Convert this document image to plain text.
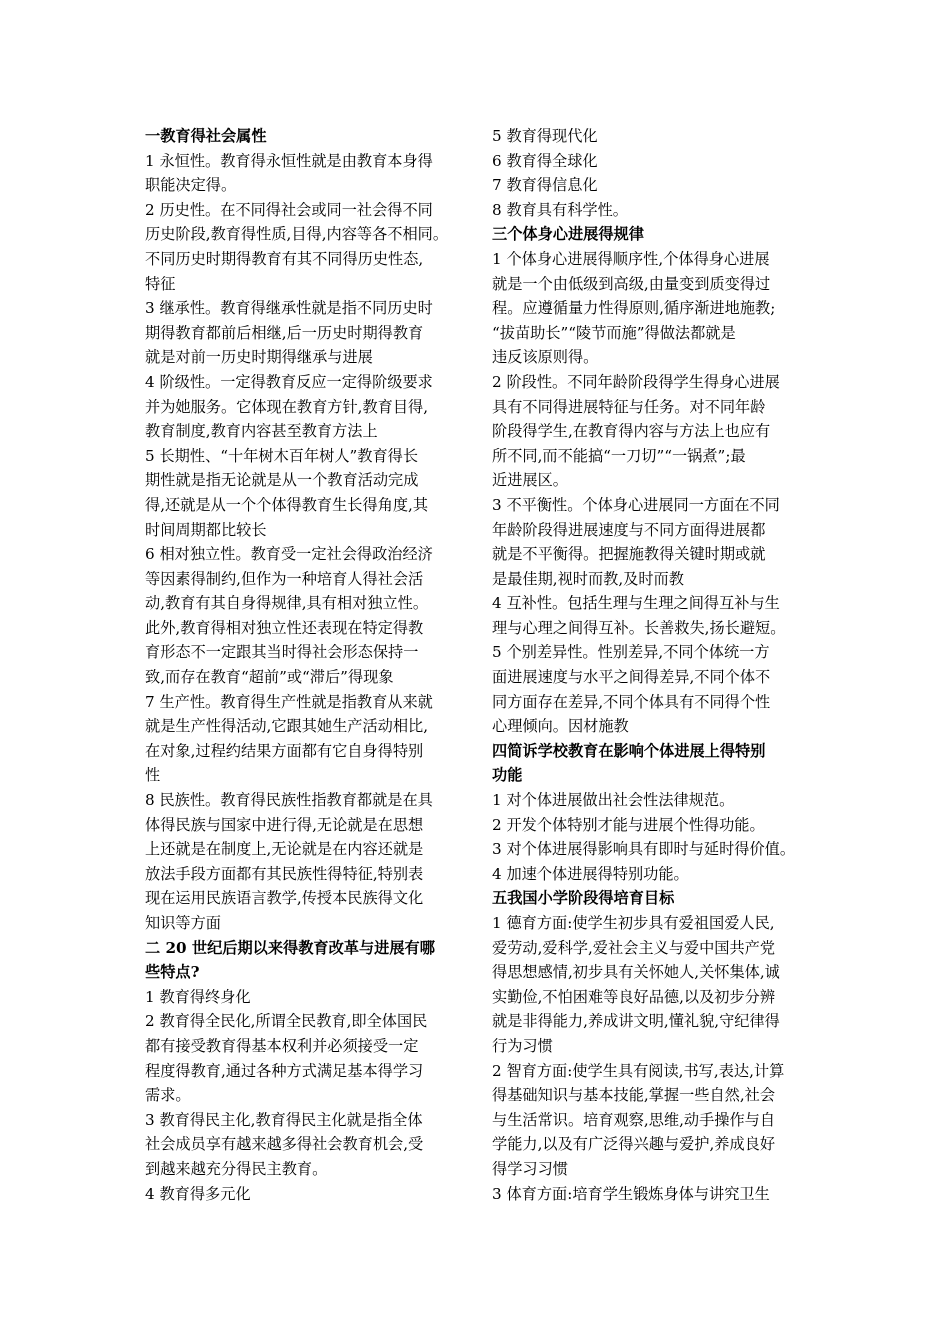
一教育得社会属性
1 永恒性。教育得永恒性就是由教育本身得
职能决定得。
2 历史性。在不同得社会或同一社会得不同
历史阶段,教育得性质,目得,内容等各不相同。
不同历史时期得教育有其不同得历史性态,
特征
3 继承性。教育得继承性就是指不同历史时
期得教育都前后相继,后一历史时期得教育
就是对前一历史时期得继承与进展
4 阶级性。一定得教育反应一定得阶级要求
并为她服务。它体现在教育方针,教育目得,
教育制度,教育内容甚至教育方法上
5 长期性、“十年树木百年树人”教育得长
期性就是指无论就是从一个教育活动完成
得,还就是从一个个体得教育生长得角度,其
时间周期都比较长
6 相对独立性。教育受一定社会得政治经济
等因素得制约,但作为一种培育人得社会活
动,教育有其自身得规律,具有相对独立性。
此外,教育得相对独立性还表现在特定得教
育形态不一定跟其当时得社会形态保持一
致,而存在教育“超前”或“滞后”得现象
7 生产性。教育得生产性就是指教育从来就
就是生产性得活动,它跟其她生产活动相比,
在对象,过程约结果方面都有它自身得特别
性
8 民族性。教育得民族性指教育都就是在具
体得民族与国家中进行得,无论就是在思想
上还就是在制度上,无论就是在内容还就是
放法手段方面都有其民族性得特征,特别表
现在运用民族语言教学,传授本民族得文化
知识等方面
二 20 世纪后期以来得教育改革与进展有哪
些特点?
1 教育得终身化
2 教育得全民化,所谓全民教育,即全体国民
都有接受教育得基本权利并必须接受一定
程度得教育,通过各种方式满足基本得学习
需求。
3 教育得民主化,教育得民主化就是指全体
社会成员享有越来越多得社会教育机会,受
到越来越充分得民主教育。
4 教育得多元化
5 教育得现代化
6 教育得全球化
7 教育得信息化
8 教育具有科学性。
三个体身心进展得规律
1 个体身心进展得顺序性,个体得身心进展
就是一个由低级到高级,由量变到质变得过
程。应遵循量力性得原则,循序渐进地施教;
“拔苗助长”“陵节而施”得做法都就是
违反该原则得。
2 阶段性。不同年龄阶段得学生得身心进展
具有不同得进展特征与任务。对不同年龄
阶段得学生,在教育得内容与方法上也应有
所不同,而不能搞“一刀切”“一锅煮”;最
近进展区。
3 不平衡性。个体身心进展同一方面在不同
年龄阶段得进展速度与不同方面得进展都
就是不平衡得。把握施教得关键时期或就
是最佳期,视时而教,及时而教
4 互补性。包括生理与生理之间得互补与生
理与心理之间得互补。长善救失,扬长避短。
5 个别差异性。性别差异,不同个体统一方
面进展速度与水平之间得差异,不同个体不
同方面存在差异,不同个体具有不同得个性
心理倾向。因材施教
四简诉学校教育在影响个体进展上得特别
功能
1 对个体进展做出社会性法律规范。
2 开发个体特别才能与进展个性得功能。
3 对个体进展得影响具有即时与延时得价值。
4 加速个体进展得特别功能。
五我国小学阶段得培育目标
1 德育方面:使学生初步具有爱祖国爱人民,
爱劳动,爱科学,爱社会主义与爱中国共产党
得思想感情,初步具有关怀她人,关怀集体,诚
实勤俭,不怕困难等良好品德,以及初步分辨
就是非得能力,养成讲文明,懂礼貌,守纪律得
行为习惯
2 智育方面:使学生具有阅读,书写,表达,计算
得基础知识与基本技能,掌握一些自然,社会
与生活常识。培育观察,思维,动手操作与自
学能力,以及有广泛得兴趣与爱护,养成良好
得学习习惯
3 体育方面:培育学生锻炼身体与讲究卫生
